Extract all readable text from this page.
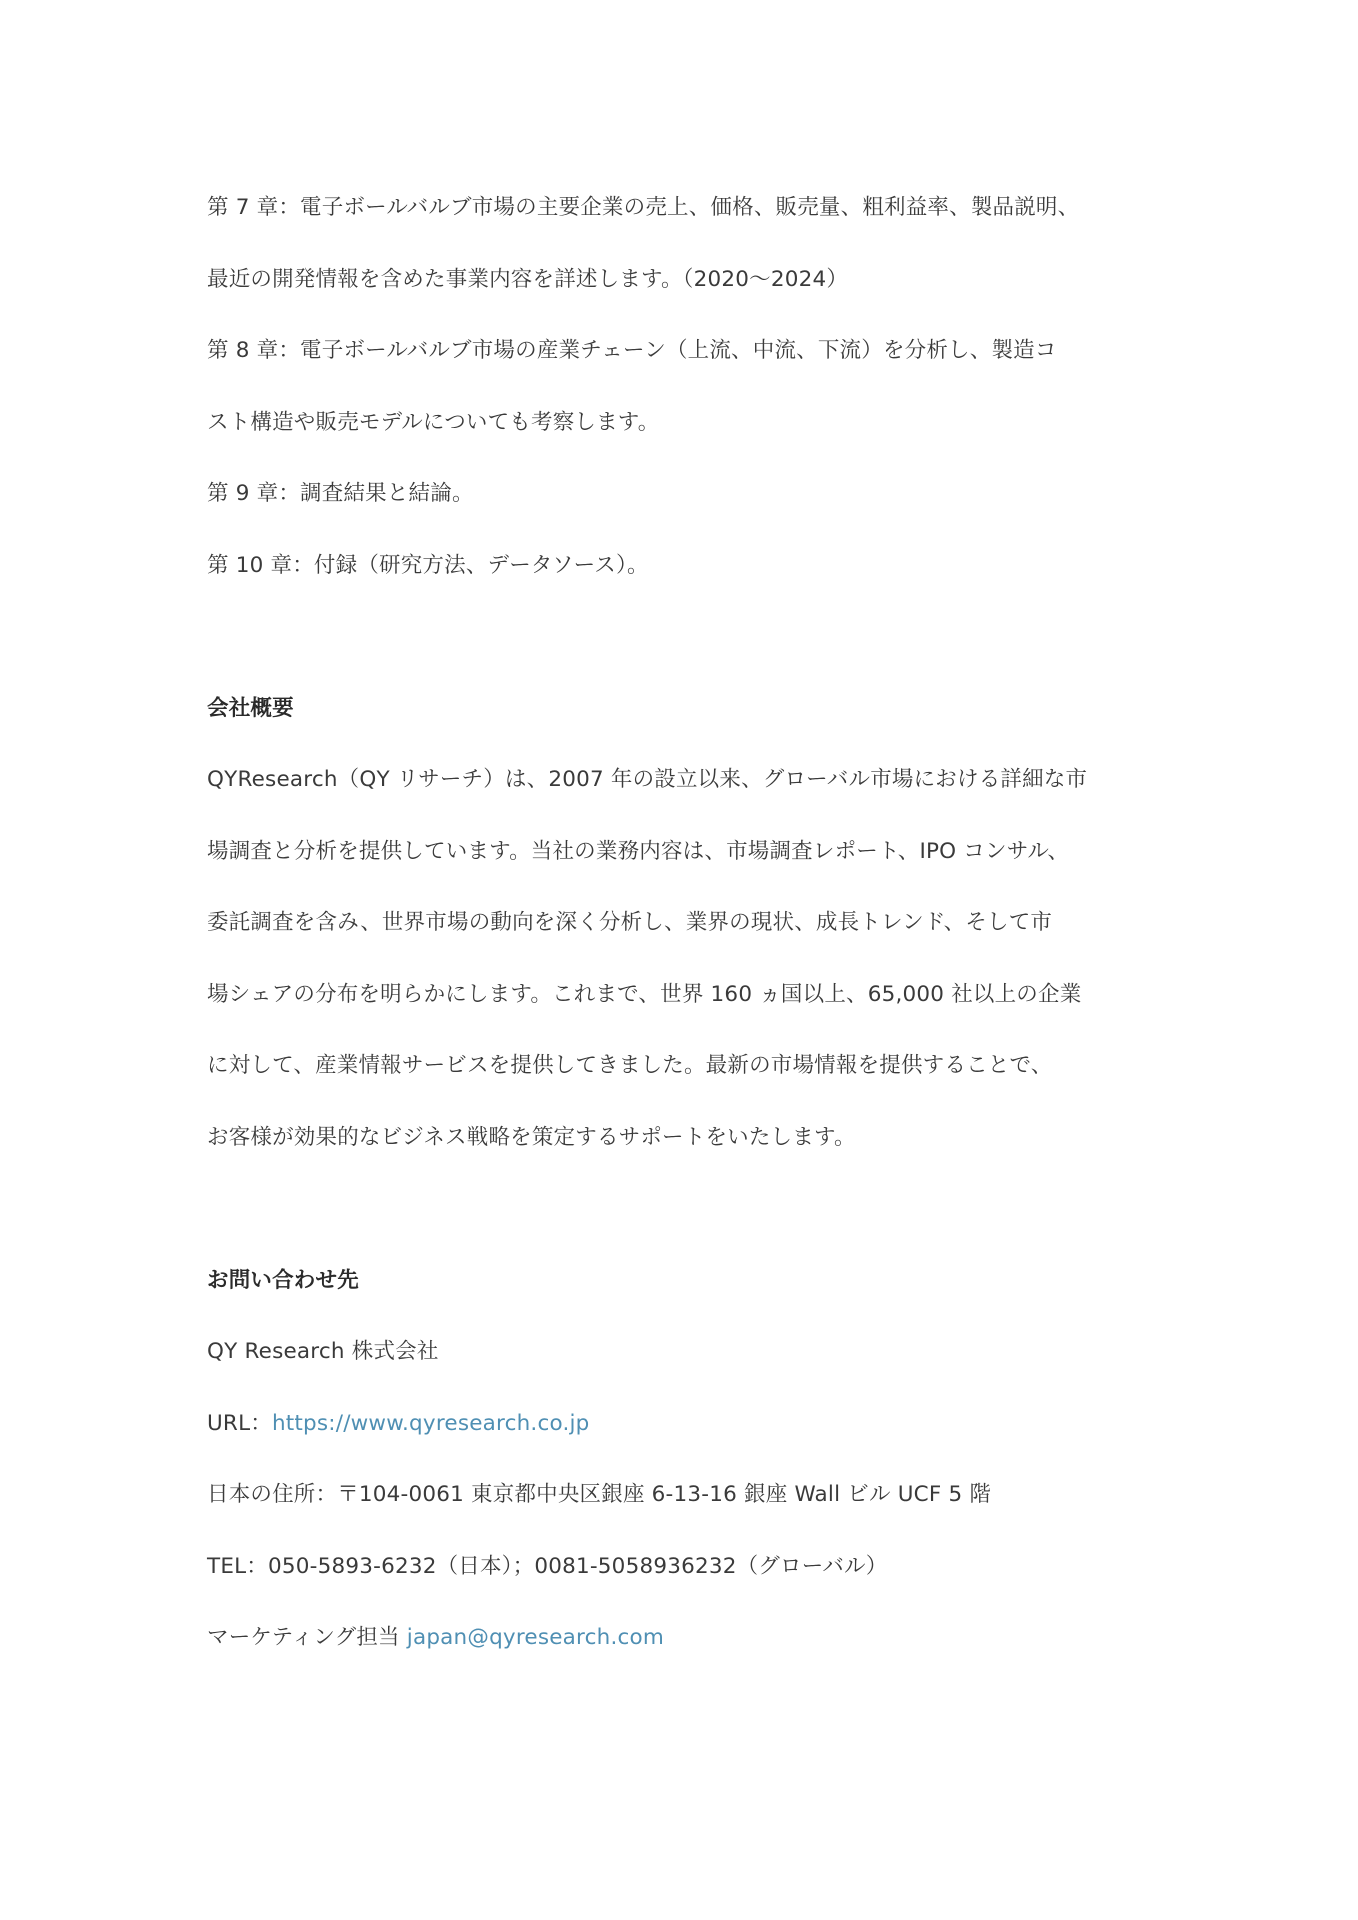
第 7 章：電子ボールバルブ市場の主要企業の売上、価格、販売量、粗利益率、製品説明、
最近の開発情報を含めた事業内容を詳述します。（2020～2024）
第 8 章：電子ボールバルブ市場の産業チェーン（上流、中流、下流）を分析し、製造コ
スト構造や販売モデルについても考察します。
第 9 章：調査結果と結論。
第 10 章：付録（研究方法、データソース）。
会社概要
QYResearch（QY リサーチ）は、2007 年の設立以来、グローバル市場における詳細な市
場調査と分析を提供しています。当社の業務内容は、市場調査レポート、IPO コンサル、
委託調査を含み、世界市場の動向を深く分析し、業界の現状、成長トレンド、そして市
場シェアの分布を明らかにします。これまで、世界 160 ヵ国以上、65,000 社以上の企業
に対して、産業情報サービスを提供してきました。最新の市場情報を提供することで、
お客様が効果的なビジネス戦略を策定するサポートをいたします。
お問い合わせ先
QY Research 株式会社
URL：https://www.qyresearch.co.jp
日本の住所：〒104-0061 東京都中央区銀座 6-13-16 銀座 Wall ビル UCF 5 階
TEL：050-5893-6232（日本）；0081-5058936232（グローバル）
マーケティング担当 japan@qyresearch.com
